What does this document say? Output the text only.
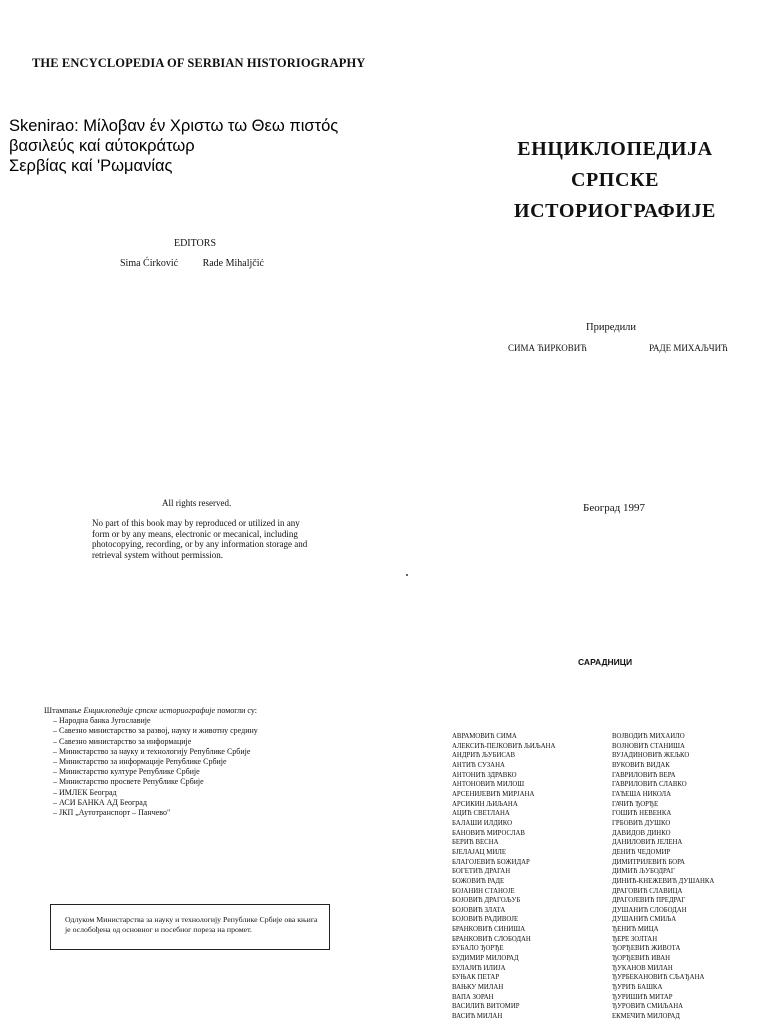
THE ENCYCLOPEDIA OF SERBIAN HISTORIOGRAPHY
Skenirao: Μίλοβαν έν Χριστω τω Θεω πιστός
βασιλεύς καί αύτοκράτωρ
Σερβίας καί 'Ρωμανίας
EDITORS
Sima Ćirković Rade Mihaljčić
All rights reserved.
No part of this book may by reproduced or utilized in any form or by any means, electronic or mecanical, including photocopying, recording, or by any information storage and retrieval system without permission.
Штампање Енциклопедије српске историографије помогли су:
– Народна банка Југославије
– Савезно министарство за развој, науку и животну средину
– Савезно министарство за информације
– Министарство за науку и технологију Републике Србије
– Министарство за информације Републике Србије
– Министарство културе Републике Србије
– Министарство просвете Републике Србије
– ИМЛЕК Београд
– АСИ БАНКА АД Београд
– ЈКП „Аутотранспорт – Панчево"
Одлуком Министарства за науку и технологију Републике Србије ова књига је ослобођена од основног и посебног пореза на промет.
ЕНЦИКЛОПЕДИЈА
СРПСКЕ
ИСТОРИОГРАФИЈЕ
Приредили
СИМА ЋИРКОВИЋ	РАДЕ МИХАЉЧИЋ
Београд 1997
САРАДНИЦИ
АВРАМОВИЋ СИМА
АЛЕКСИЋ-ПЕЈКОВИЋ ЉИЉАНА
АНДРИЋ ЉУБИСАВ
АНТИЋ СУЗАНА
АНТОНИЋ ЗДРАВКО
АНТОНОВИЋ МИЛОШ
АРСЕНИЈЕВИЋ МИРЈАНА
АРСИКИН ЉИЉАНА
АЦИЋ СВЕТЛАНА
БАЛАШИ ИЛДИКО
БАНОВИЋ МИРОСЛАВ
БЕРИЋ ВЕСНА
БЈЕЛАЈАЦ МИЛЕ
БЛАГОЈЕВИЋ БОЖИДАР
БОГЕТИЋ ДРАГАН
БОЖОВИЋ РАДЕ
БОЈАНИН СТАНОЈЕ
БОЈОВИЋ ДРАГОЉУБ
БОЈОВИЋ ЗЛАТА
БОЈОВИЋ РАДИВОЈЕ
БРАНКОВИЋ СИНИША
БРАНКОВИЋ СЛОБОДАН
БУБАЛО ЂОРЂЕ
БУДИМИР МИЛОРАД
БУЛАЈИЋ ИЛИЈА
БУЊАК ПЕТАР
ВАЊКУ МИЛАН
ВАПА ЗОРАН
ВАСИЛИЋ ВИТОМИР
ВАСИЋ МИЛАН
ВОЈВОДИЋ МИХАИЛО
ВОЈНОВИЋ СТАНИША
ВУЈАДИНОВИЋ ЖЕЉКО
ВУКОВИЋ ВИДАК
ГАВРИЛОВИЋ ВЕРА
ГАВРИЛОВИЋ СЛАВКО
ГАЋЕША НИКОЛА
ГАЧИЋ ЂОРЂЕ
ГОШИЋ НЕВЕНКА
ГРБОВИЋ ДУШКО
ДАВИДОВ ДИНКО
ДАНИЛОВИЋ ЈЕЛЕНА
ДЕНИЋ ЧЕДОМИР
ДИМИТРИЈЕВИЋ БОРА
ДИМИЋ ЉУБОДРАГ
ДИНИЋ-КНЕЖЕВИЋ ДУШАНКА
ДРАГОВИЋ СЛАВИЦА
ДРАГОЈЕВИЋ ПРЕДРАГ
ДУШАНИЋ СЛОБОДАН
ДУШАНИЋ СМИЉА
ЂЕНИЋ МИЦА
ЂЕРЕ ЗОЛТАН
ЂОРЂЕВИЋ ЖИВОТА
ЂОРЂЕВИЋ ИВАН
ЂУКАНОВ МИЛАН
ЂУРБЕКАНОВИЋ СЉАЂАНА
ЂУРИЋ БАШКА
ЂУРИШИЋ МИТАР
ЂУРОВИЋ СМИЉАНА
ЕКМЕЧИЋ МИЛОРАД
